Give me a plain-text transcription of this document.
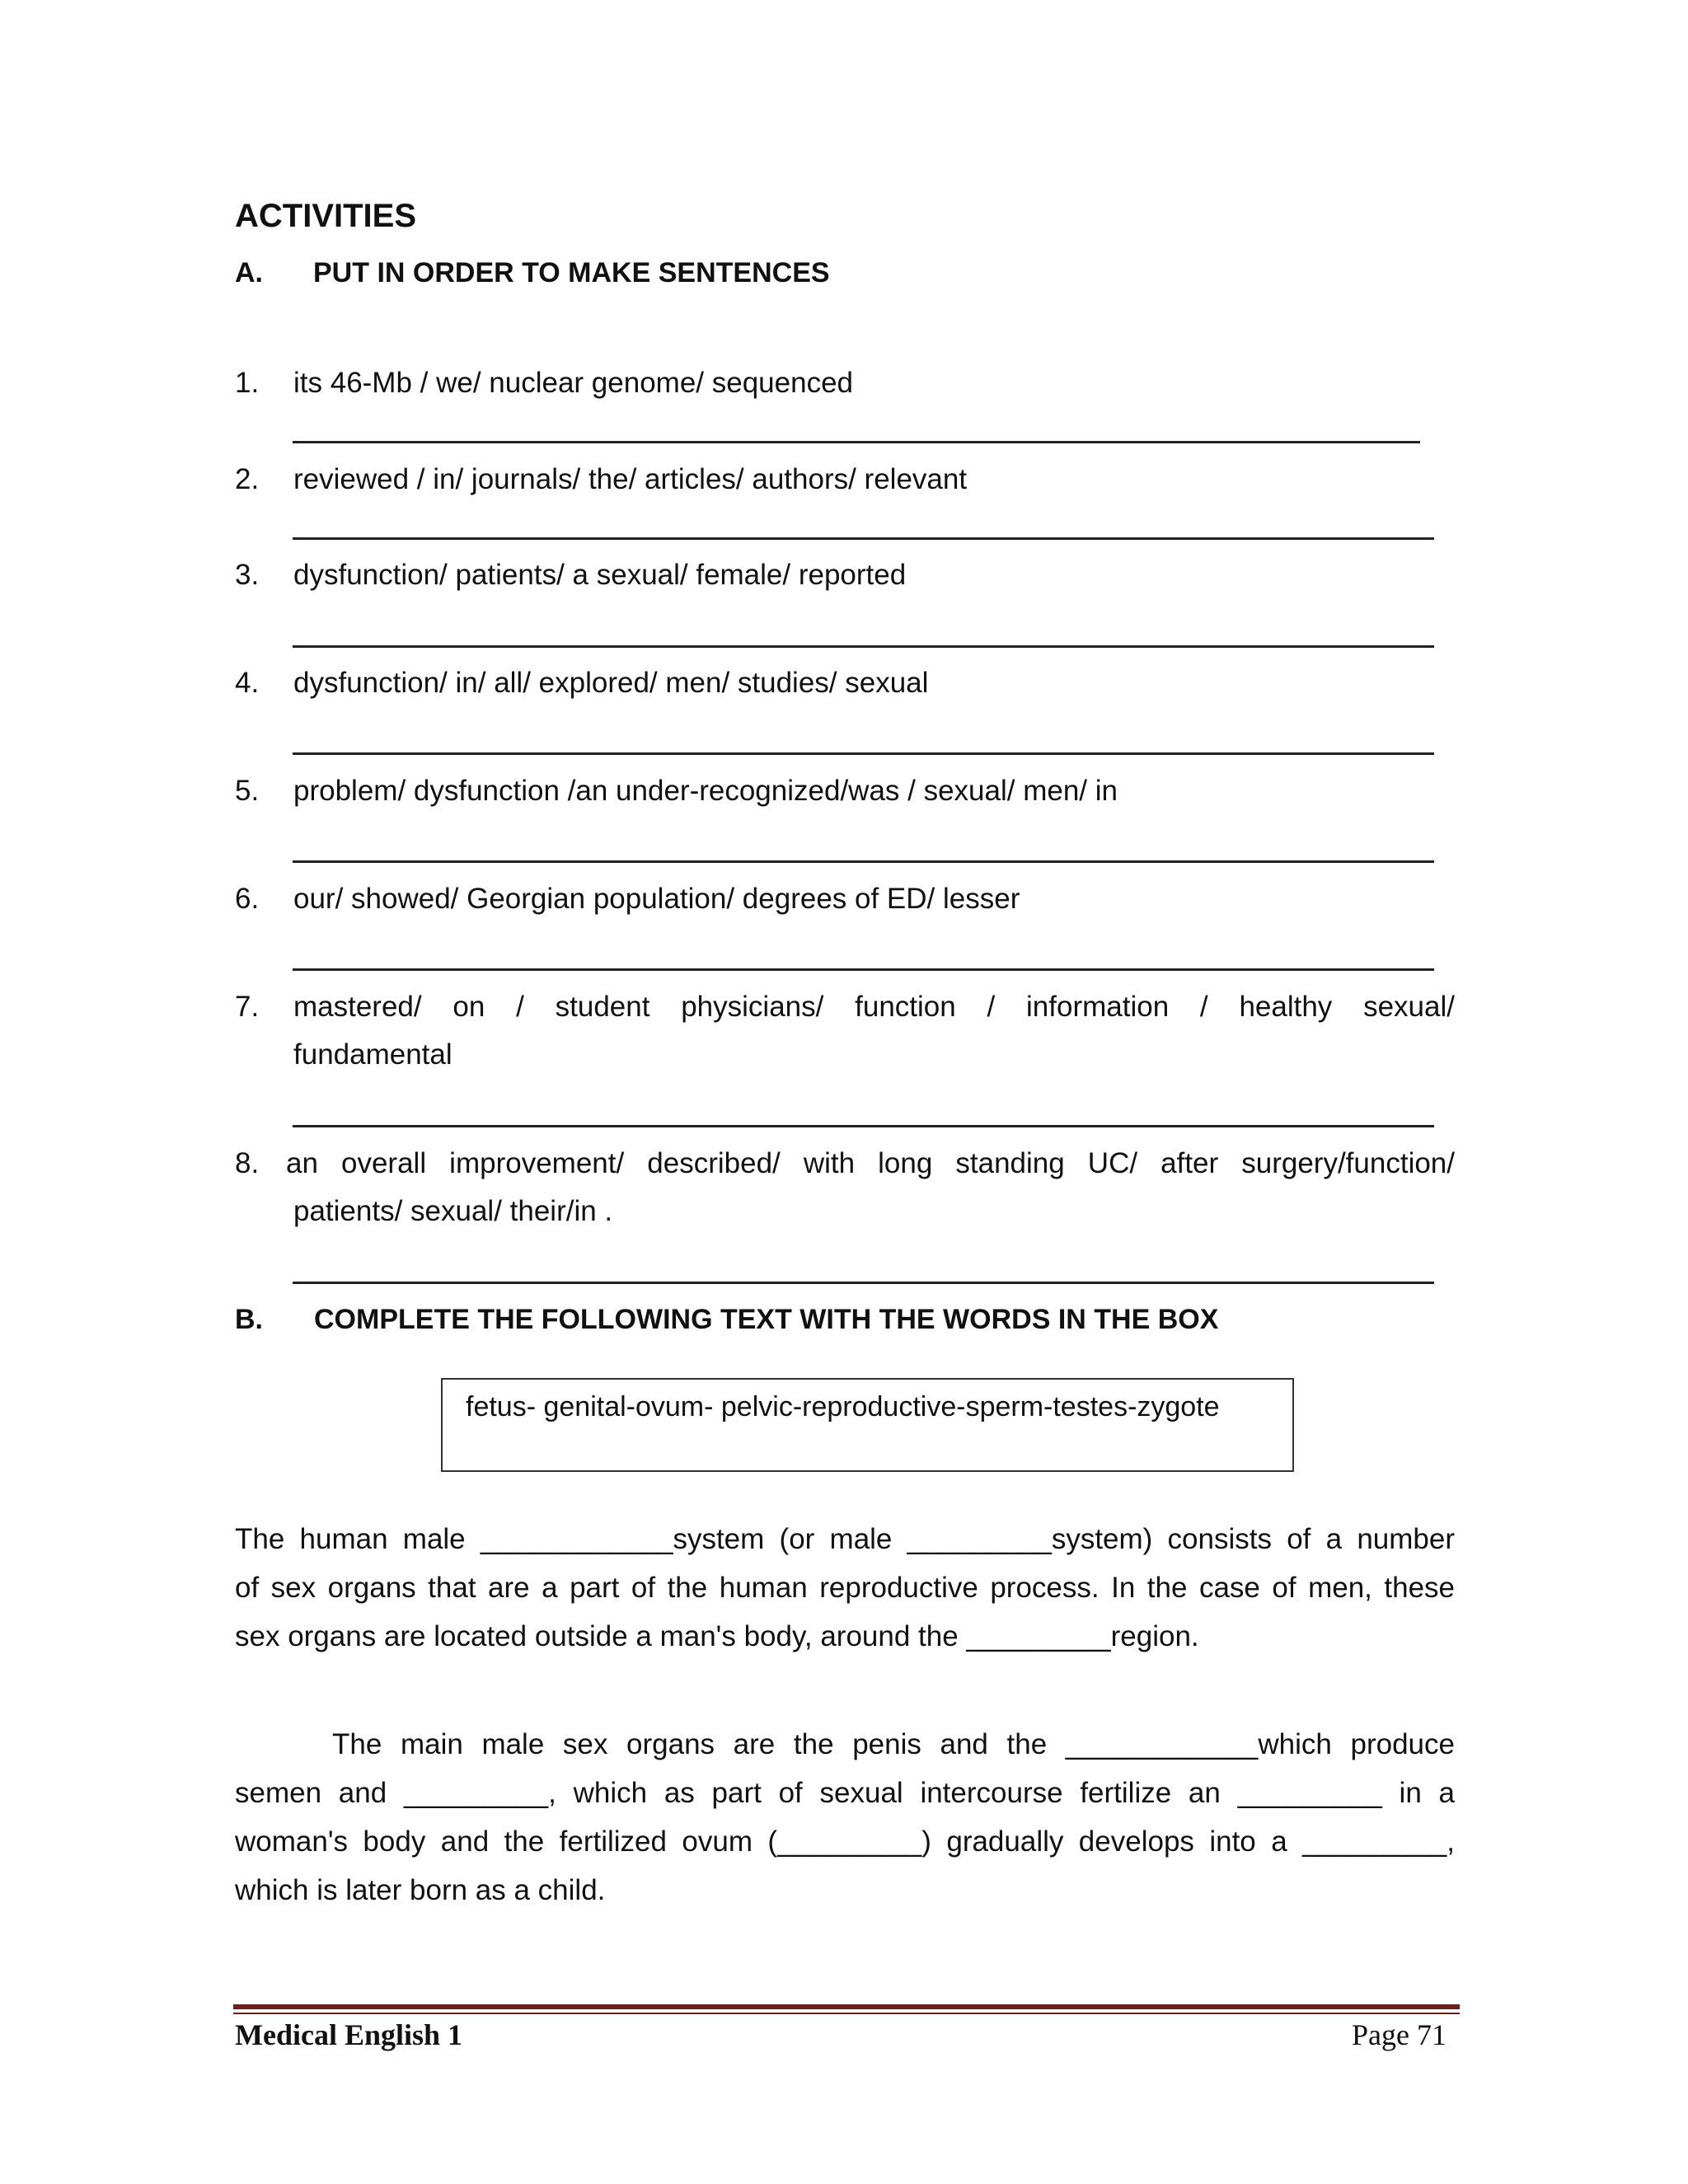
ACTIVITIES
A. PUT IN ORDER TO MAKE SENTENCES
1. its 46-Mb / we/ nuclear genome/ sequenced
2. reviewed / in/ journals/ the/ articles/ authors/ relevant
3. dysfunction/ patients/ a sexual/ female/ reported
4. dysfunction/ in/ all/ explored/ men/ studies/ sexual
5. problem/ dysfunction /an under-recognized/was / sexual/ men/ in
6. our/ showed/ Georgian population/ degrees of ED/ lesser
7. mastered/ on / student physicians/ function / information / healthy sexual/
fundamental
8. an overall improvement/ described/ with long standing UC/ after surgery/function/
patients/ sexual/ their/in .
B. COMPLETE THE FOLLOWING TEXT WITH THE WORDS IN THE BOX
fetus- genital-ovum- pelvic-reproductive-sperm-testes-zygote
The human male ____________system (or male _________system) consists of a number
of sex organs that are a part of the human reproductive process. In the case of men, these
sex organs are located outside a man's body, around the _________region.
The main male sex organs are the penis and the ____________which produce
semen and _________, which as part of sexual intercourse fertilize an _________ in a
woman's body and the fertilized ovum (_________) gradually develops into a _________,
which is later born as a child.
Medical English 1	Page 71
